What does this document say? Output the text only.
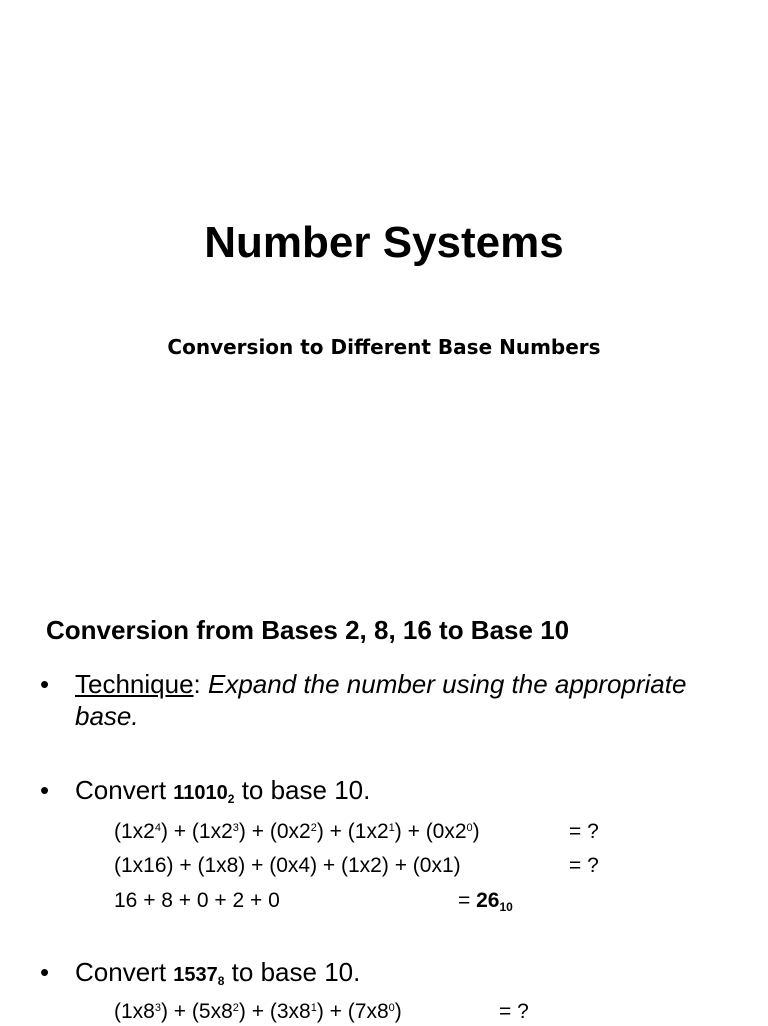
Number Systems
Conversion to Different Base Numbers
Conversion from Bases 2, 8, 16 to Base 10
• Technique: Expand the number using the appropriate base.
• Convert $11010_2$ to base 10.
$(1x2^4) + (1x2^3) + (0x2^2) + (1x2^1) + (0x2^0)$	= ?
(1x16) + (1x8) + (0x4) + (1x2) + (0x1)	= ?
16 + 8 + 0 + 2 + 0	= $26_{10}$
• Convert $1537_8$ to base 10.
$(1x8^3) + (5x8^2) + (3x8^1) + (7x8^0)$	= ?
